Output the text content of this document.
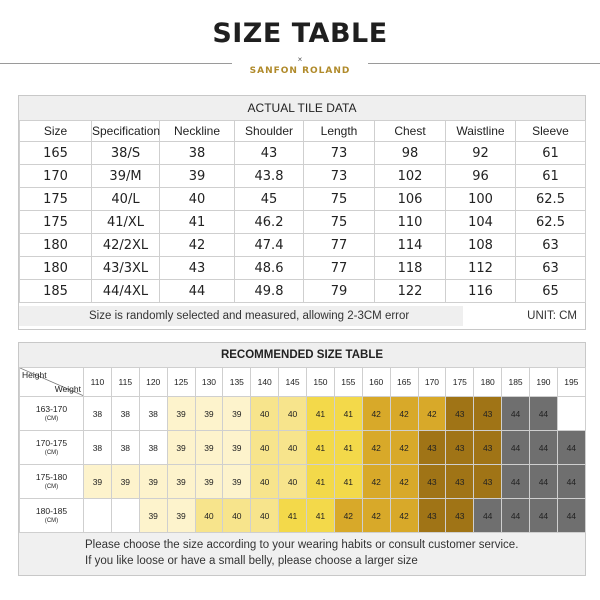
SIZE TABLE
×
SANFON ROLAND
ACTUAL TILE DATA
Size	Specification	Neckline	Shoulder	Length	Chest	Waistline	Sleeve
165	38/S	38	43	73	98	92	61
170	39/M	39	43.8	73	102	96	61
175	40/L	40	45	75	106	100	62.5
175	41/XL	41	46.2	75	110	104	62.5
180	42/2XL	42	47.4	77	114	108	63
180	43/3XL	43	48.6	77	118	112	63
185	44/4XL	44	49.8	79	122	116	65
Size is randomly selected and measured, allowing 2-3CM error	UNIT: CM
RECOMMENDED SIZE TABLE
Height
Weight	110	115	120	125	130	135	140	145	150	155	160	165	170	175	180	185	190	195
163-170
(CM)	38	38	38	39	39	39	40	40	41	41	42	42	42	43	43	44	44	
170-175
(CM)	38	38	38	39	39	39	40	40	41	41	42	42	43	43	43	44	44	44
175-180
(CM)	39	39	39	39	39	39	40	40	41	41	42	42	43	43	43	44	44	44
180-185
(CM)			39	39	40	40	40	41	41	42	42	42	43	43	44	44	44	44
Please choose the size according to your wearing habits or consult customer service.
If you like loose or have a small belly, please choose a larger size
